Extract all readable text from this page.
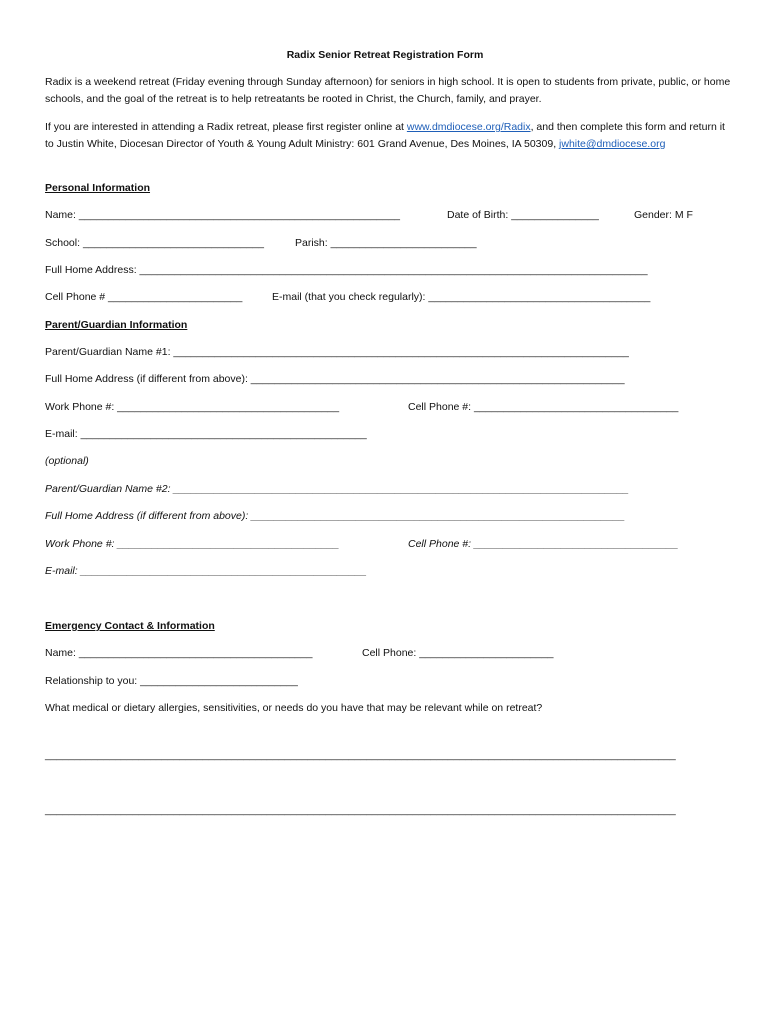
Radix Senior Retreat Registration Form
Radix is a weekend retreat (Friday evening through Sunday afternoon) for seniors in high school. It is open to students from private, public, or home schools, and the goal of the retreat is to help retreatants be rooted in Christ, the Church, family, and prayer.
If you are interested in attending a Radix retreat, please first register online at www.dmdiocese.org/Radix, and then complete this form and return it to Justin White, Diocesan Director of Youth & Young Adult Ministry: 601 Grand Avenue, Des Moines, IA 50309, jwhite@dmdiocese.org
Personal Information
Name: _______________________________________________________	Date of Birth: _______________	Gender: M F
School: _______________________________	Parish: _________________________
Full Home Address: _______________________________________________________________________________________
Cell Phone # _______________________	E-mail (that you check regularly): ______________________________________
Parent/Guardian Information
Parent/Guardian Name #1: ______________________________________________________________________________
Full Home Address (if different from above): ________________________________________________________________
Work Phone #: ______________________________________	Cell Phone #: ___________________________________
E-mail: _________________________________________________
(optional)
Parent/Guardian Name #2: ______________________________________________________________________________
Full Home Address (if different from above): ________________________________________________________________
Work Phone #: ______________________________________	Cell Phone #: ___________________________________
E-mail: _________________________________________________
Emergency Contact & Information
Name: ________________________________________	Cell Phone: _______________________
Relationship to you: ___________________________
What medical or dietary allergies, sensitivities, or needs do you have that may be relevant while on retreat?
____________________________________________________________________________________________________________
____________________________________________________________________________________________________________
